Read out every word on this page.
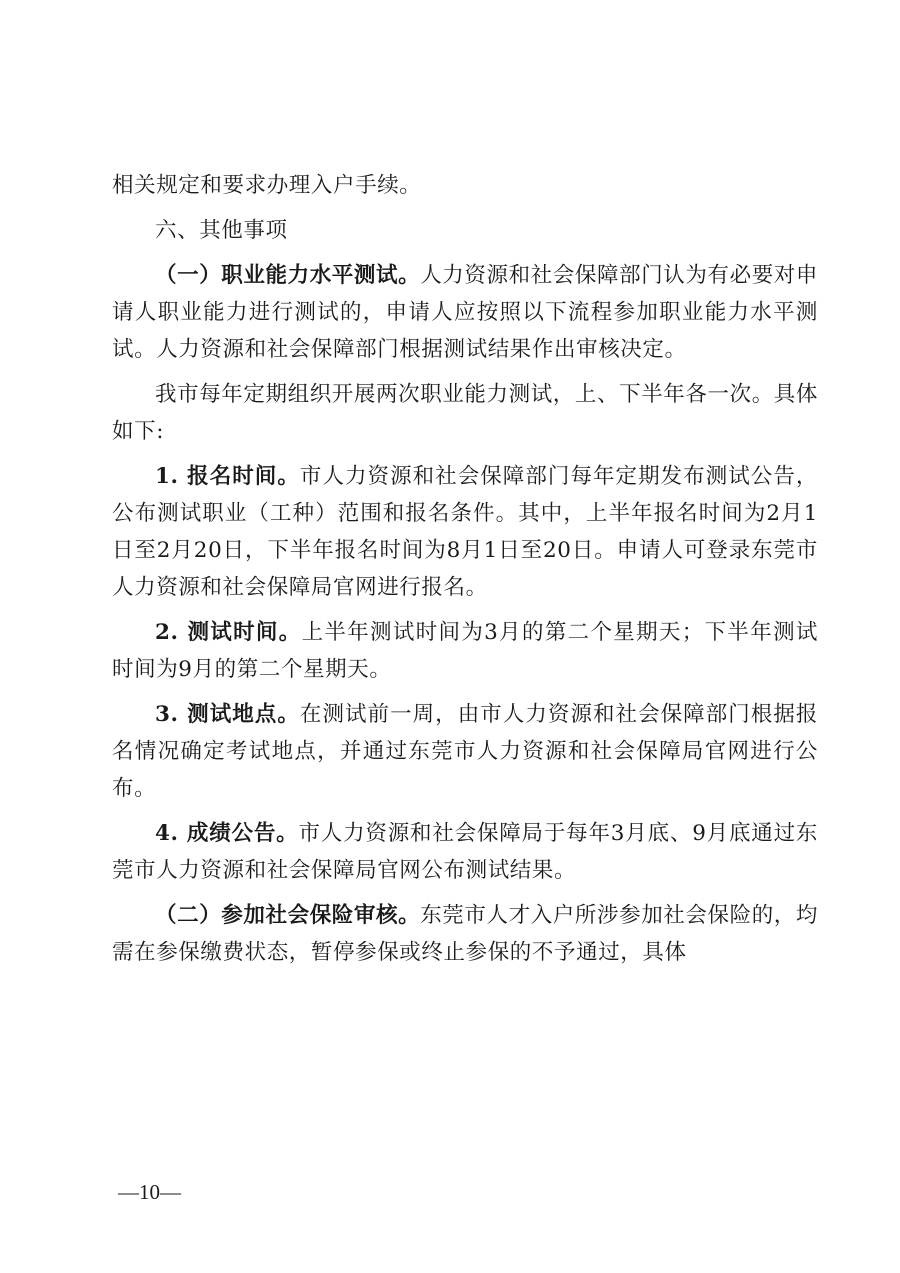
相关规定和要求办理入户手续。

六、其他事项

（一）职业能力水平测试。人力资源和社会保障部门认为有必要对申请人职业能力进行测试的，申请人应按照以下流程参加职业能力水平测试。人力资源和社会保障部门根据测试结果作出审核决定。

我市每年定期组织开展两次职业能力测试，上、下半年各一次。具体如下:

1. 报名时间。市人力资源和社会保障部门每年定期发布测试公告，公布测试职业（工种）范围和报名条件。其中，上半年报名时间为2月1日至2月20日，下半年报名时间为8月1日至20日。申请人可登录东莞市人力资源和社会保障局官网进行报名。

2. 测试时间。上半年测试时间为3月的第二个星期天；下半年测试时间为9月的第二个星期天。

3. 测试地点。在测试前一周，由市人力资源和社会保障部门根据报名情况确定考试地点，并通过东莞市人力资源和社会保障局官网进行公布。

4. 成绩公告。市人力资源和社会保障局于每年3月底、9月底通过东莞市人力资源和社会保障局官网公布测试结果。

（二）参加社会保险审核。东莞市人才入户所涉参加社会保险的，均需在参保缴费状态，暂停参保或终止参保的不予通过，具体

—10—
